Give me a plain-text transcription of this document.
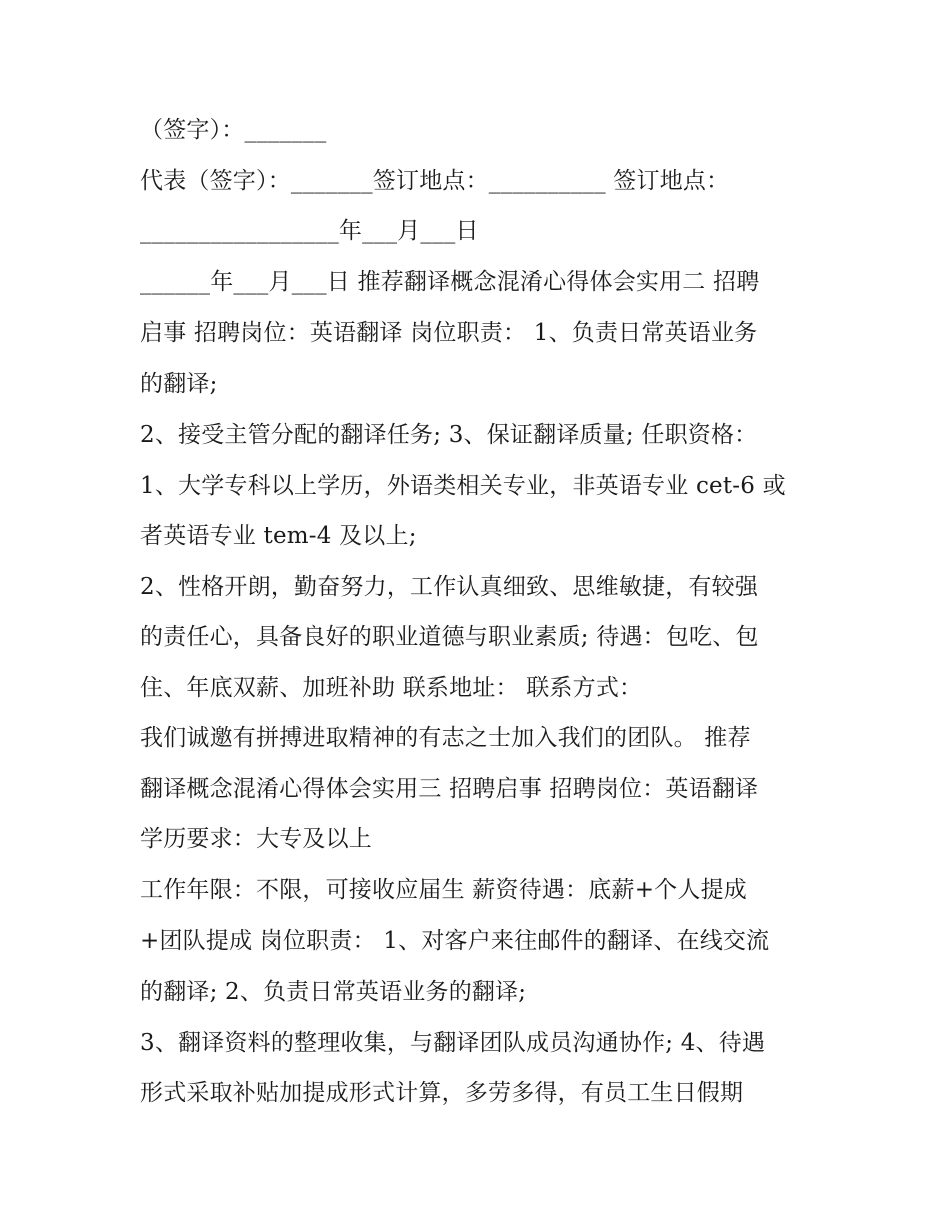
（签字）：_______
代表（签字）：_______签订地点：__________ 签订地点：
_________________年___月___日
______年___月___日 推荐翻译概念混淆心得体会实用二 招聘
启事 招聘岗位：英语翻译 岗位职责： 1、负责日常英语业务
的翻译;
2、接受主管分配的翻译任务; 3、保证翻译质量; 任职资格：
1、大学专科以上学历，外语类相关专业，非英语专业 cet-6 或
者英语专业 tem-4 及以上;
2、性格开朗，勤奋努力，工作认真细致、思维敏捷，有较强
的责任心，具备良好的职业道德与职业素质; 待遇：包吃、包
住、年底双薪、加班补助 联系地址： 联系方式：
我们诚邀有拼搏进取精神的有志之士加入我们的团队。 推荐
翻译概念混淆心得体会实用三 招聘启事 招聘岗位：英语翻译
学历要求：大专及以上
工作年限：不限，可接收应届生 薪资待遇：底薪+个人提成
+团队提成 岗位职责： 1、对客户来往邮件的翻译、在线交流
的翻译; 2、负责日常英语业务的翻译;
3、翻译资料的整理收集，与翻译团队成员沟通协作; 4、待遇
形式采取补贴加提成形式计算，多劳多得，有员工生日假期
